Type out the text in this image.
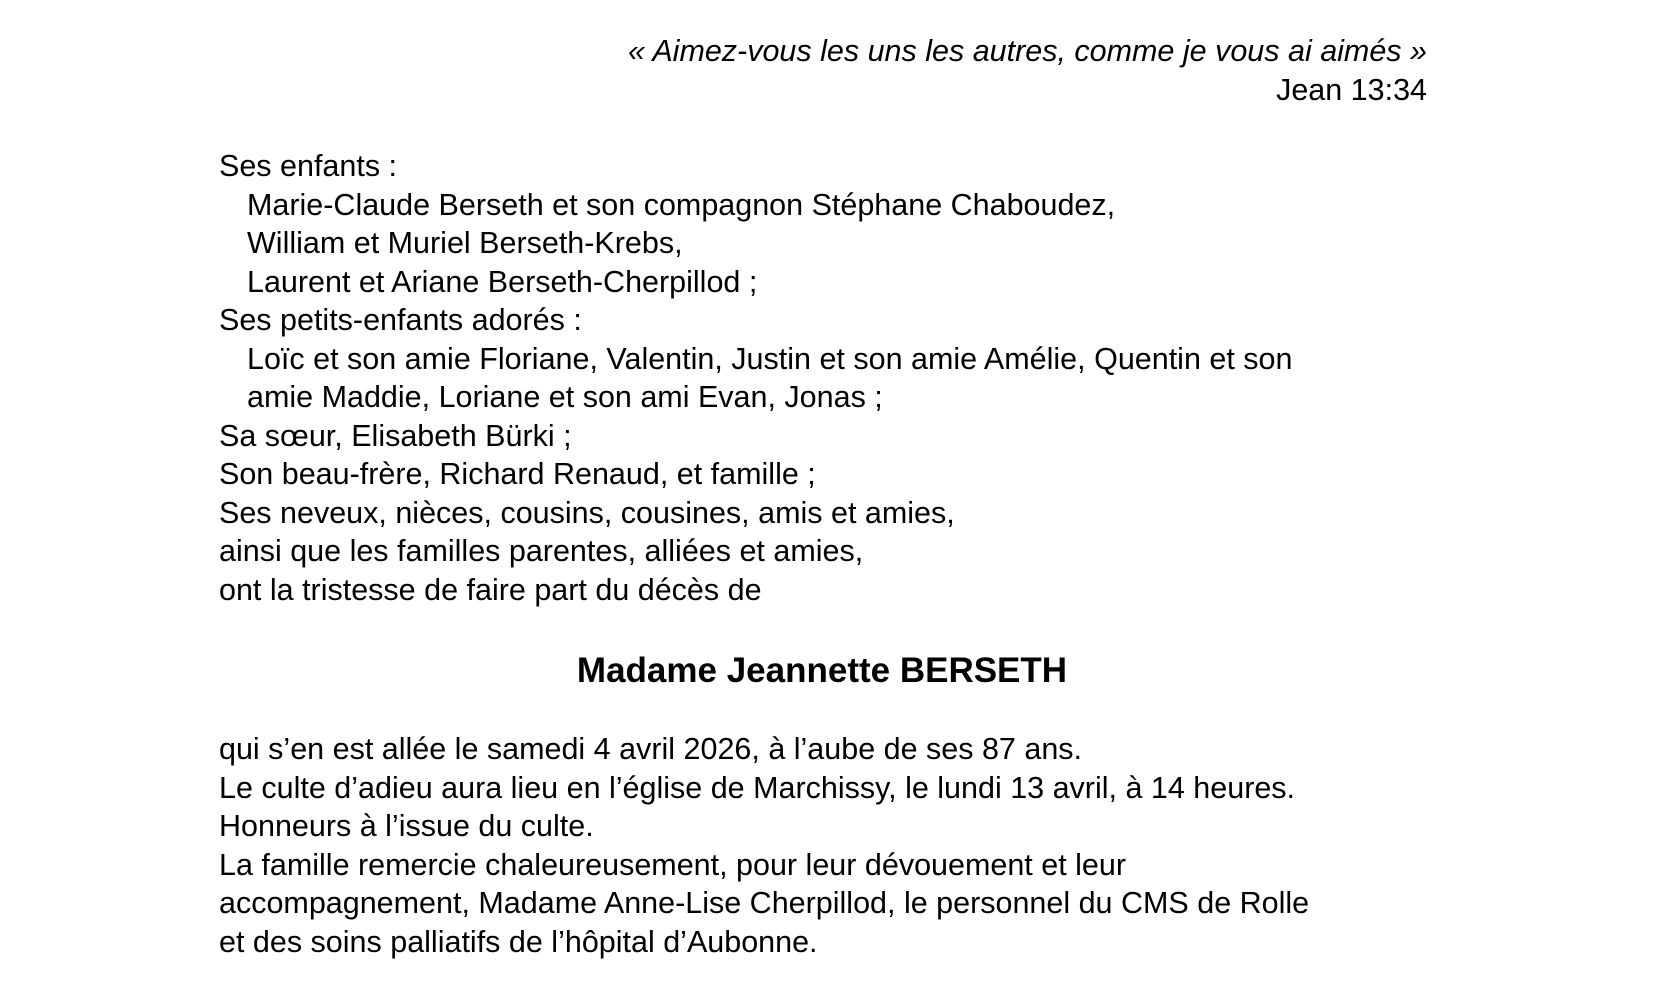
« Aimez-vous les uns les autres, comme je vous ai aimés »
Jean 13:34
Ses enfants :
Marie-Claude Berseth et son compagnon Stéphane Chaboudez,
William et Muriel Berseth-Krebs,
Laurent et Ariane Berseth-Cherpillod ;
Ses petits-enfants adorés :
Loïc et son amie Floriane, Valentin, Justin et son amie Amélie, Quentin et son
amie Maddie, Loriane et son ami Evan, Jonas ;
Sa sœur, Elisabeth Bürki ;
Son beau-frère, Richard Renaud, et famille ;
Ses neveux, nièces, cousins, cousines, amis et amies,
ainsi que les familles parentes, alliées et amies,
ont la tristesse de faire part du décès de
Madame Jeannette BERSETH
qui s’en est allée le samedi 4 avril 2026, à l’aube de ses 87 ans.
Le culte d’adieu aura lieu en l’église de Marchissy, le lundi 13 avril, à 14 heures.
Honneurs à l’issue du culte.
La famille remercie chaleureusement, pour leur dévouement et leur
accompagnement, Madame Anne-Lise Cherpillod, le personnel du CMS de Rolle
et des soins palliatifs de l’hôpital d’Aubonne.
